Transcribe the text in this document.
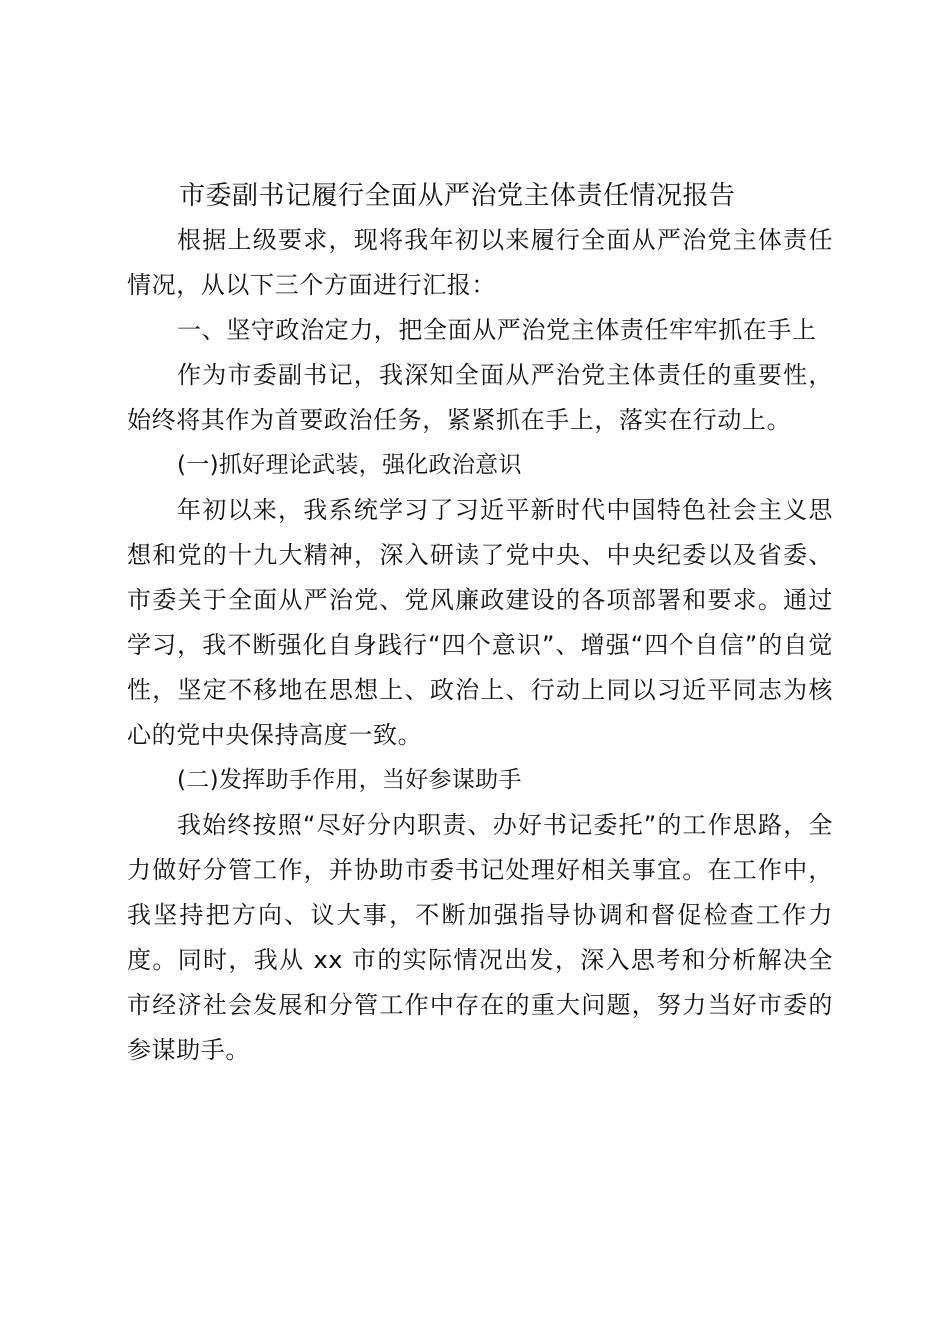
市委副书记履行全面从严治党主体责任情况报告

根据上级要求，现将我年初以来履行全面从严治党主体责任情况，从以下三个方面进行汇报：

一、坚守政治定力，把全面从严治党主体责任牢牢抓在手上

作为市委副书记，我深知全面从严治党主体责任的重要性，始终将其作为首要政治任务，紧紧抓在手上，落实在行动上。

(一)抓好理论武装，强化政治意识

年初以来，我系统学习了习近平新时代中国特色社会主义思想和党的十九大精神，深入研读了党中央、中央纪委以及省委、市委关于全面从严治党、党风廉政建设的各项部署和要求。通过学习，我不断强化自身践行“四个意识”、增强“四个自信”的自觉性，坚定不移地在思想上、政治上、行动上同以习近平同志为核心的党中央保持高度一致。

(二)发挥助手作用，当好参谋助手

我始终按照“尽好分内职责、办好书记委托”的工作思路，全力做好分管工作，并协助市委书记处理好相关事宜。在工作中，我坚持把方向、议大事，不断加强指导协调和督促检查工作力度。同时，我从 xx 市的实际情况出发，深入思考和分析解决全市经济社会发展和分管工作中存在的重大问题，努力当好市委的参谋助手。
